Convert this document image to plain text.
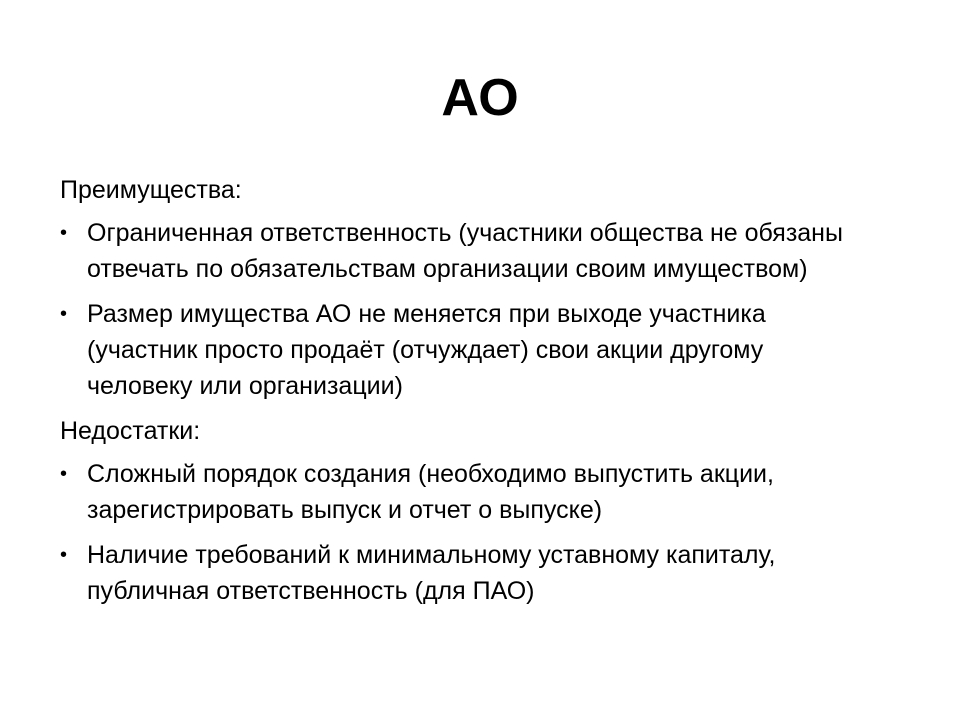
АО
Преимущества:
• Ограниченная ответственность (участники общества не обязаны отвечать по обязательствам организации своим имуществом)
• Размер имущества АО не меняется при выходе участника (участник просто продаёт (отчуждает) свои акции другому человеку или организации)
Недостатки:
• Сложный порядок создания (необходимо выпустить акции, зарегистрировать выпуск и отчет о выпуске)
• Наличие требований к минимальному уставному капиталу, публичная ответственность (для ПАО)
